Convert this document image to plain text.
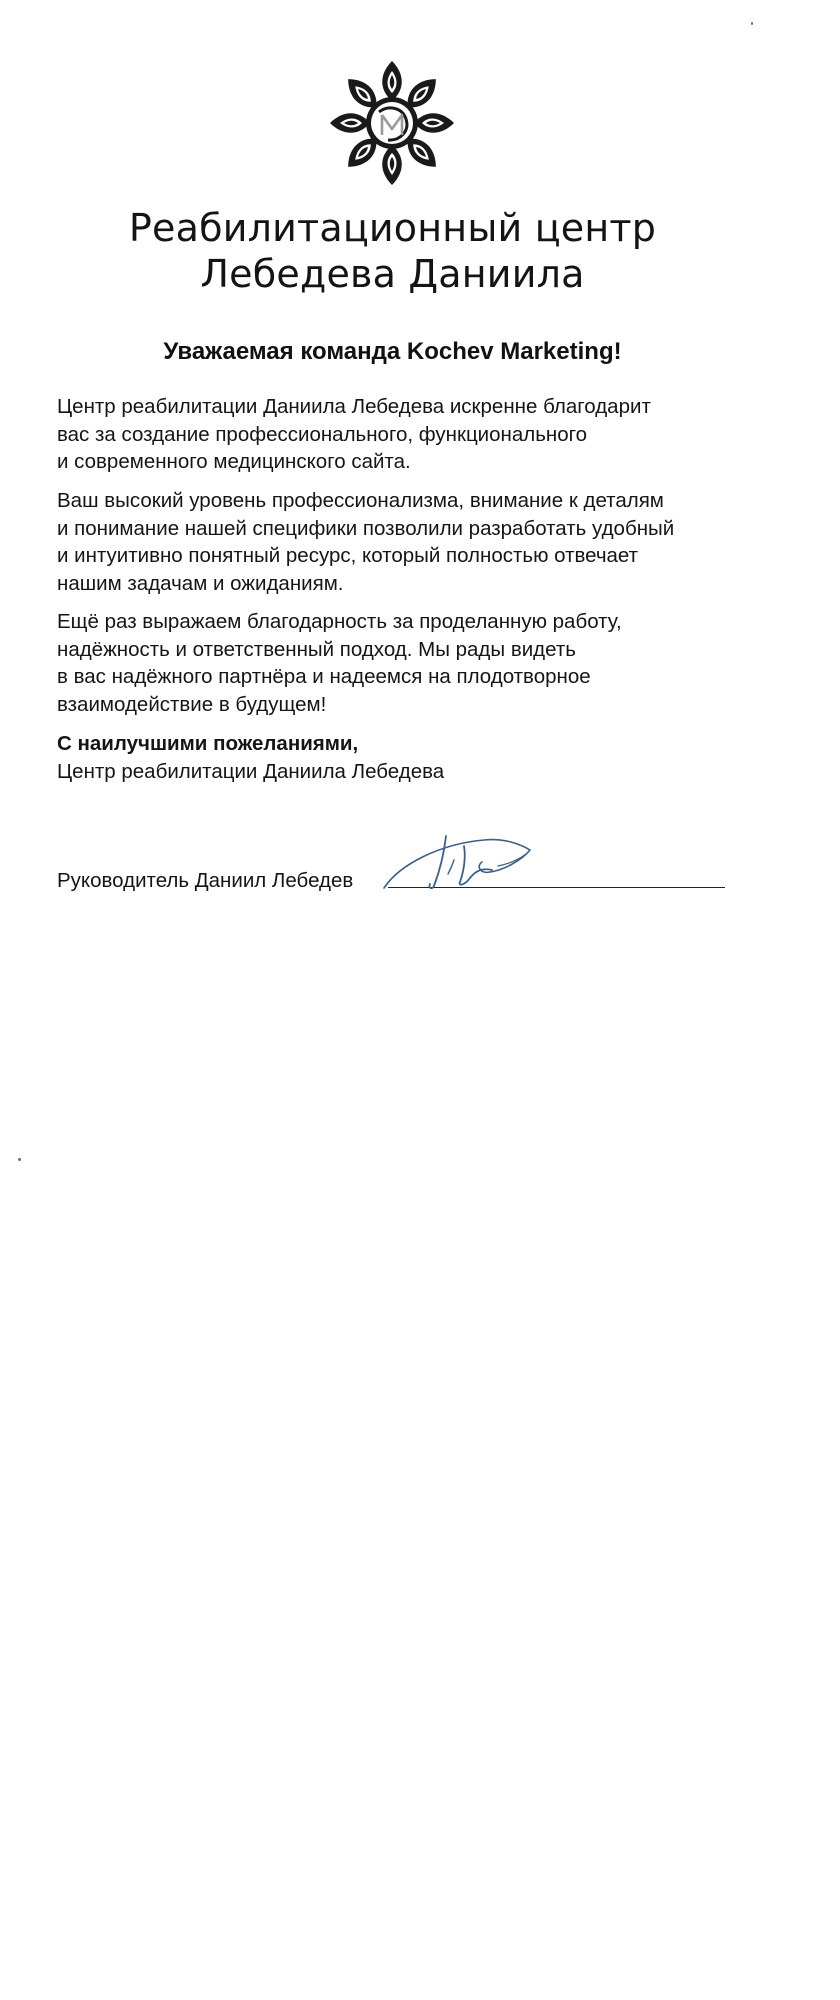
Реабилитационный центр
Лебедева Даниила
Уважаемая команда Kochev Marketing!
Центр реабилитации Даниила Лебедева искренне благодарит
вас за создание профессионального, функционального
и современного медицинского сайта.
Ваш высокий уровень профессионализма, внимание к деталям
и понимание нашей специфики позволили разработать удобный
и интуитивно понятный ресурс, который полностью отвечает
нашим задачам и ожиданиям.
Ещё раз выражаем благодарность за проделанную работу,
надёжность и ответственный подход. Мы рады видеть
в вас надёжного партнёра и надеемся на плодотворное
взаимодействие в будущем!
С наилучшими пожеланиями,
Центр реабилитации Даниила Лебедева
Руководитель Даниил Лебедев
